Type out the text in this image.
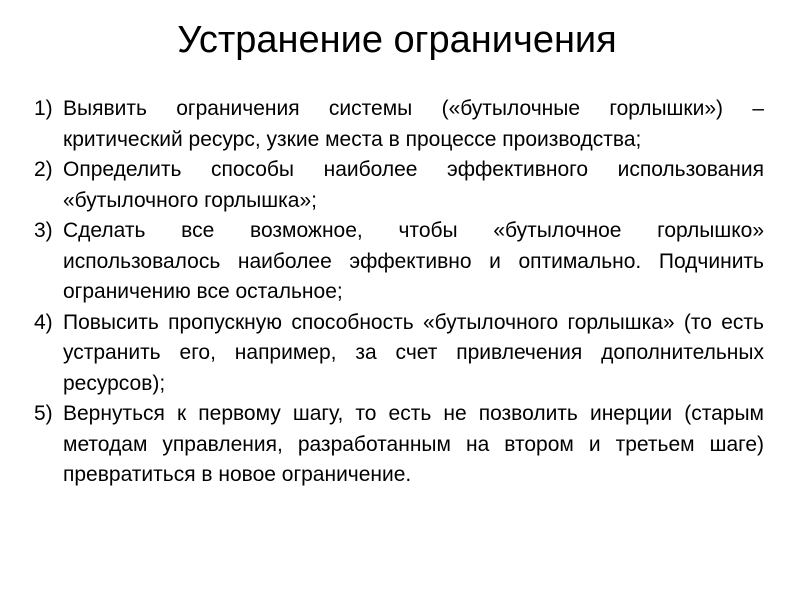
Устранение ограничения
1) Выявить ограничения системы («бутылочные горлышки») – критический ресурс, узкие места в процессе производства;
2) Определить способы наиболее эффективного использования «бутылочного горлышка»;
3) Сделать все возможное, чтобы «бутылочное горлышко» использовалось наиболее эффективно и оптимально. Подчинить ограничению все остальное;
4) Повысить пропускную способность «бутылочного горлышка» (то есть устранить его, например, за счет привлечения дополнительных ресурсов);
5) Вернуться к первому шагу, то есть не позволить инерции (старым методам управления, разработанным на втором и третьем шаге) превратиться в новое ограничение.
